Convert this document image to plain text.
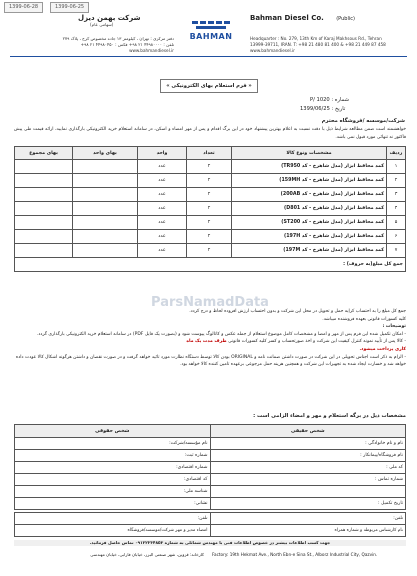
1399-06-28	1399-06-25
شرکت بهمن دیزل
(سهامی عام)
BAHMAN
Bahman Diesel Co. (Public)
دفتر مرکزی : تهران ، کیلومتر ۱۳ جاده مخصوص کرج ، پلاک ۲۷۹
تلفن : ۴۴۹۸۰۰۰۰ ۲۱ ۹۸+ فکس : ۴۴۹۸۰۴۵۰ ۲۱ ۹۸+
www.bahmandiesel.ir
Headquarter : No. 279, 13th Km of Karaj Makhsous Rd., Tehran
13999-39711, IRAN. T: +98 21 480 81 400 & +98 21 449 87 458
www.bahmandiesel.ir
« فرم استعلام بهای الکترونیکی »
شماره : P/ 1020
تاریخ : 1399/06/25
شرکت/موسسه /فروشگاه محترم
خواهشمند است ضمن مطالعه شرایط ذیل با دقت نسبت به اعلام بهترین پیشنهاد خود در این برگ اقدام و پس از مهر امضاء و اسکن، در سامانه استعلام خرید الکترونیکی بارگذاری نمایید، ارائه قیمت طی پیش فاکتور نه تنهائی مورد قبول نمی باشد.
ردیف	مشخصات ونوع کالا	تعداد	واحد	بهای واحد	بهای مجموع
۱	کمد محافظ ابزار (مدل شاهرخ - کد TR950)	۲	عدد		
۲	کمد محافظ ابزار (مدل شاهرخ - کد 159MH)	۲	عدد		
۳	کمد محافظ ابزار (مدل شاهرخ - کد 200AB)	۲	عدد		
۴	کمد محافظ ابزار (مدل شاهرخ - کد D801)	۲	عدد		
۵	کمد محافظ ابزار (مدل شاهرخ - کد ST200)	۲	عدد		
۶	کمد محافظ ابزار (مدل شاهرخ - کد 197H)	۲	عدد		
۷	کمد محافظ ابزار (مدل شاهرخ - کد 197M)	۲	عدد		
جمع کل مبلغ(به حروف) :					
ParsNamadData
جمع کل مبلغ را به احتساب کرایه حمل و تحویل در محل این شرکت و بدون احتساب ارزش افزوده لحاظ و درج کردد.
کلیه کسورات قانونی بعهده فروشنده میباشد.
توضیحات :
- امکان تکمیل شده این فرم پس از مهر و امضا و مشخصات کامل موضوع استعلام از جمله عکس و کاتالوگ پیوست شود و (بصورت یک فایل PDF) در سامانه استعلام خرید الکترونیکی بارگذاری گردد.
- کالا پس از تأیید نمونه کنترل کیفیت این شرکت و اخذ صورتحساب و کسر کلیه کسورات قانونی ظرف مدت یک ماه
کاری پرداخت میشود.
- الزام به ذکر است اجناس تحویلی در این شرکت در صورت داشتن ضمانت نامه و ORIGINAL بودن کالا توسط دستگاه نظارت مورد تائید خواهد گرفت و در صورت نقصان و داشتن هرگونه اشکال کالا عودت داده خواهد شد و خسارت ایجاد شده به تجهیزات این شرکت و همچنین هزینه حمل مرجوعی برعهده تامین کننده کالا خواهد بود.
مشخصات ذیل در برگه استعلام و مهر و امضاء الزامی است :
شخص حقیقی	شخص حقوقی
نام و نام خانوادگی :	نام مؤسسه/شرکت:
نام فروشگاه/پیمانکار :	شماره ثبت:
کد ملی :	شماره اقتصادی:
شماره تماس :	کد اقتصادی:
	شناسه ملی:
تاریخ تکمیل :	نشانی:
تلفن:	تلفن:
نام کارشناس مربوطه و شماره همراه	امضاء مدیر و مهر شرکت/موسسه/فروشگاه
جهت کسب اطلاعات بیشتر در خصوص اطلاعات فنی با مهندس شمائلی به شماره ۰۹۱۲۲۲۳۴۸۵۳ تماس حاصل فرمائید.
کارخانه: قزوین، شهر صنعتی البرز، خیابان فارابی، خیابان مهندسی Factory: 19th Hekmat Ave., North Ebn-e Sina St., Alborz Industrial City, Qazvin.
